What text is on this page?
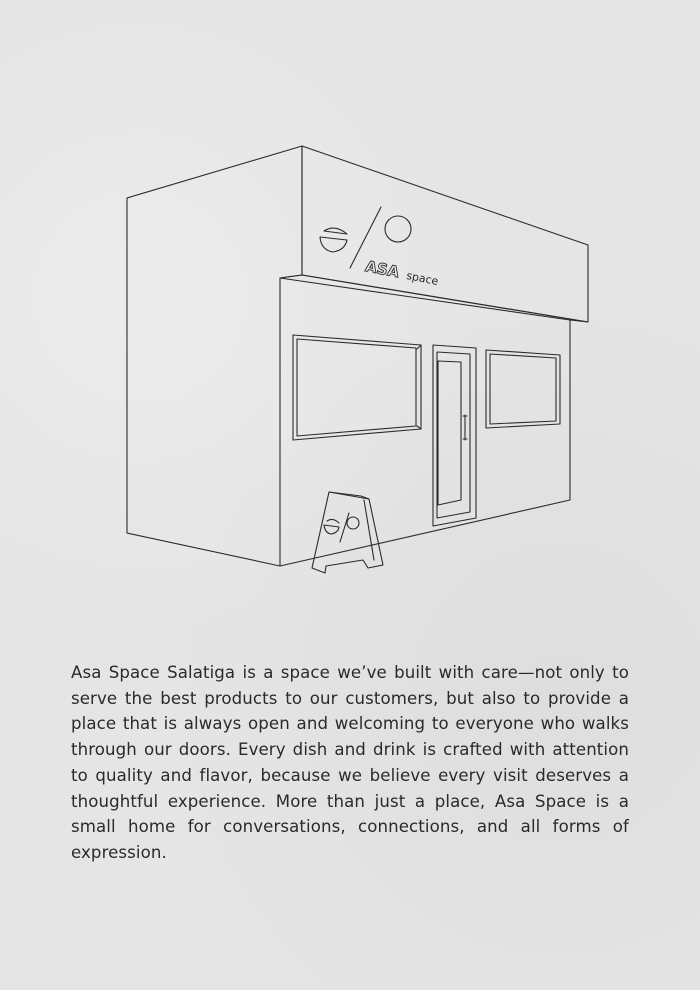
ASA space

Asa Space Salatiga is a space we’ve built with care—not only to serve the best products to our customers, but also to provide a place that is always open and welcoming to everyone who walks through our doors. Every dish and drink is crafted with attention to quality and flavor, because we believe every visit deserves a thoughtful experience. More than just a place, Asa Space is a small home for conversations, connections, and all forms of expression.
